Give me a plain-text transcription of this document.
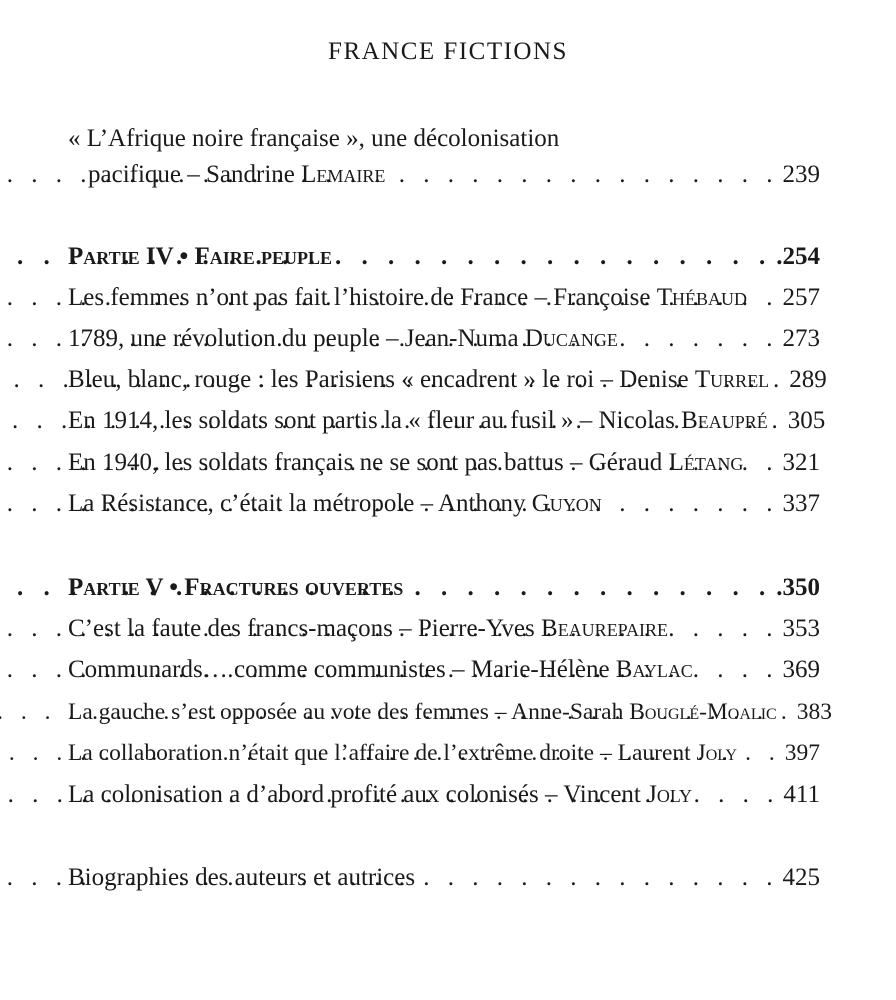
FRANCE FICTIONS
« L’Afrique noire française », une décolonisation
pacifique – Sandrine Lemaire . . .	239
Partie IV • Faire peuple . . .	.254
Les femmes n’ont pas fait l’histoire de France – Françoise Thébaud . . . 257
1789, une révolution du peuple – Jean-Numa Ducange . . .	273
Bleu, blanc, rouge : les Parisiens « encadrent » le roi – Denise Turrel . . . 289
En 1914, les soldats sont partis la « fleur au fusil » – Nicolas Beaupré . . . 305
En 1940, les soldats français ne se sont pas battus – Géraud Létang . . . 321
La Résistance, c’était la métropole – Anthony Guyon . . .	337
Partie V • Fractures ouvertes . . .	.350
C’est la faute des francs-maçons – Pierre-Yves Beaurepaire . . .	353
Communards… comme communistes – Marie-Hélène Baylac . . .	369
La gauche s’est opposée au vote des femmes – Anne-Sarah Bouglé-Moalic . . . 383
La collaboration n’était que l’affaire de l’extrême droite – Laurent Joly . . . 397
La colonisation a d’abord profité aux colonisés – Vincent Joly . . .	411
Biographies des auteurs et autrices . . .	425
